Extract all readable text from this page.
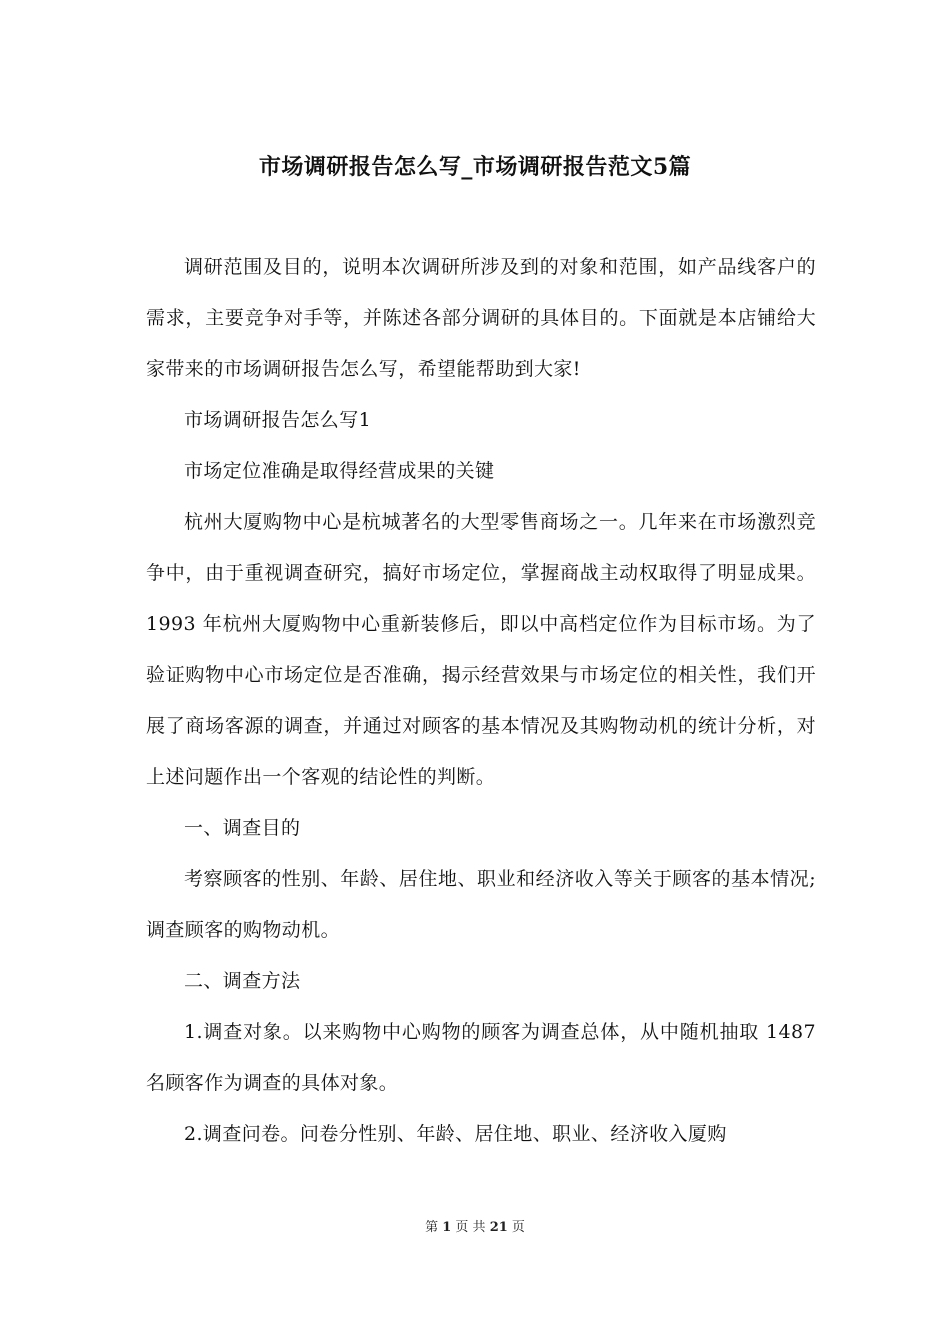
市场调研报告怎么写_市场调研报告范文5篇

调研范围及目的，说明本次调研所涉及到的对象和范围，如产品线客户的需求，主要竞争对手等，并陈述各部分调研的具体目的。下面就是本店铺给大家带来的市场调研报告怎么写，希望能帮助到大家!

市场调研报告怎么写1

市场定位准确是取得经营成果的关键

杭州大厦购物中心是杭城著名的大型零售商场之一。几年来在市场激烈竞争中，由于重视调查研究，搞好市场定位，掌握商战主动权取得了明显成果。1993 年杭州大厦购物中心重新装修后，即以中高档定位作为目标市场。为了验证购物中心市场定位是否准确，揭示经营效果与市场定位的相关性，我们开展了商场客源的调查，并通过对顾客的基本情况及其购物动机的统计分析，对上述问题作出一个客观的结论性的判断。

一、调查目的

考察顾客的性别、年龄、居住地、职业和经济收入等关于顾客的基本情况;调查顾客的购物动机。

二、调查方法

1.调查对象。以来购物中心购物的顾客为调查总体，从中随机抽取 1487 名顾客作为调查的具体对象。

2.调查问卷。问卷分性别、年龄、居住地、职业、经济收入厦购

第 1 页 共 21 页
